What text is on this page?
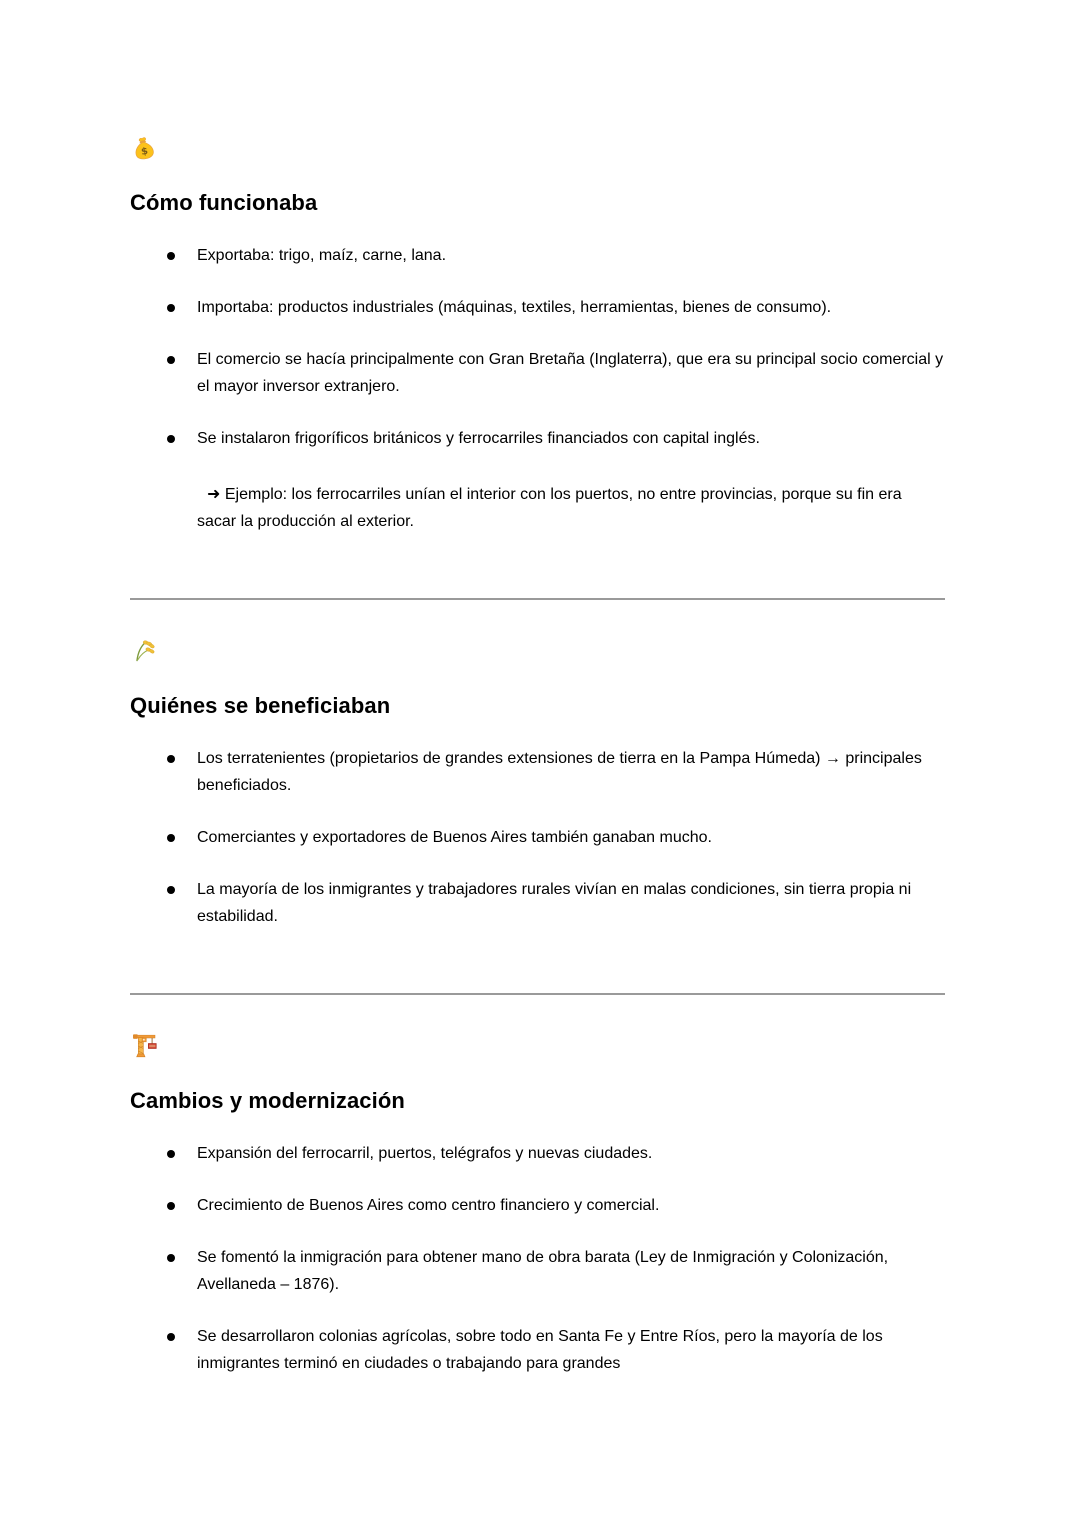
$
Cómo funcionaba
Exportaba: trigo, maíz, carne, lana.
Importaba: productos industriales (máquinas, textiles, herramientas, bienes de consumo).
El comercio se hacía principalmente con Gran Bretaña (Inglaterra), que era su principal socio comercial y el mayor inversor extranjero.
Se instalaron frigoríficos británicos y ferrocarriles financiados con capital inglés.

➜ Ejemplo: los ferrocarriles unían el interior con los puertos, no entre provincias, porque su fin era sacar la producción al exterior.

Quiénes se beneficiaban
Los terratenientes (propietarios de grandes extensiones de tierra en la Pampa Húmeda) → principales beneficiados.
Comerciantes y exportadores de Buenos Aires también ganaban mucho.
La mayoría de los inmigrantes y trabajadores rurales vivían en malas condiciones, sin tierra propia ni estabilidad.
Cambios y modernización
Expansión del ferrocarril, puertos, telégrafos y nuevas ciudades.
Crecimiento de Buenos Aires como centro financiero y comercial.
Se fomentó la inmigración para obtener mano de obra barata (Ley de Inmigración y Colonización, Avellaneda – 1876).
Se desarrollaron colonias agrícolas, sobre todo en Santa Fe y Entre Ríos, pero la mayoría de los inmigrantes terminó en ciudades o trabajando para grandes
